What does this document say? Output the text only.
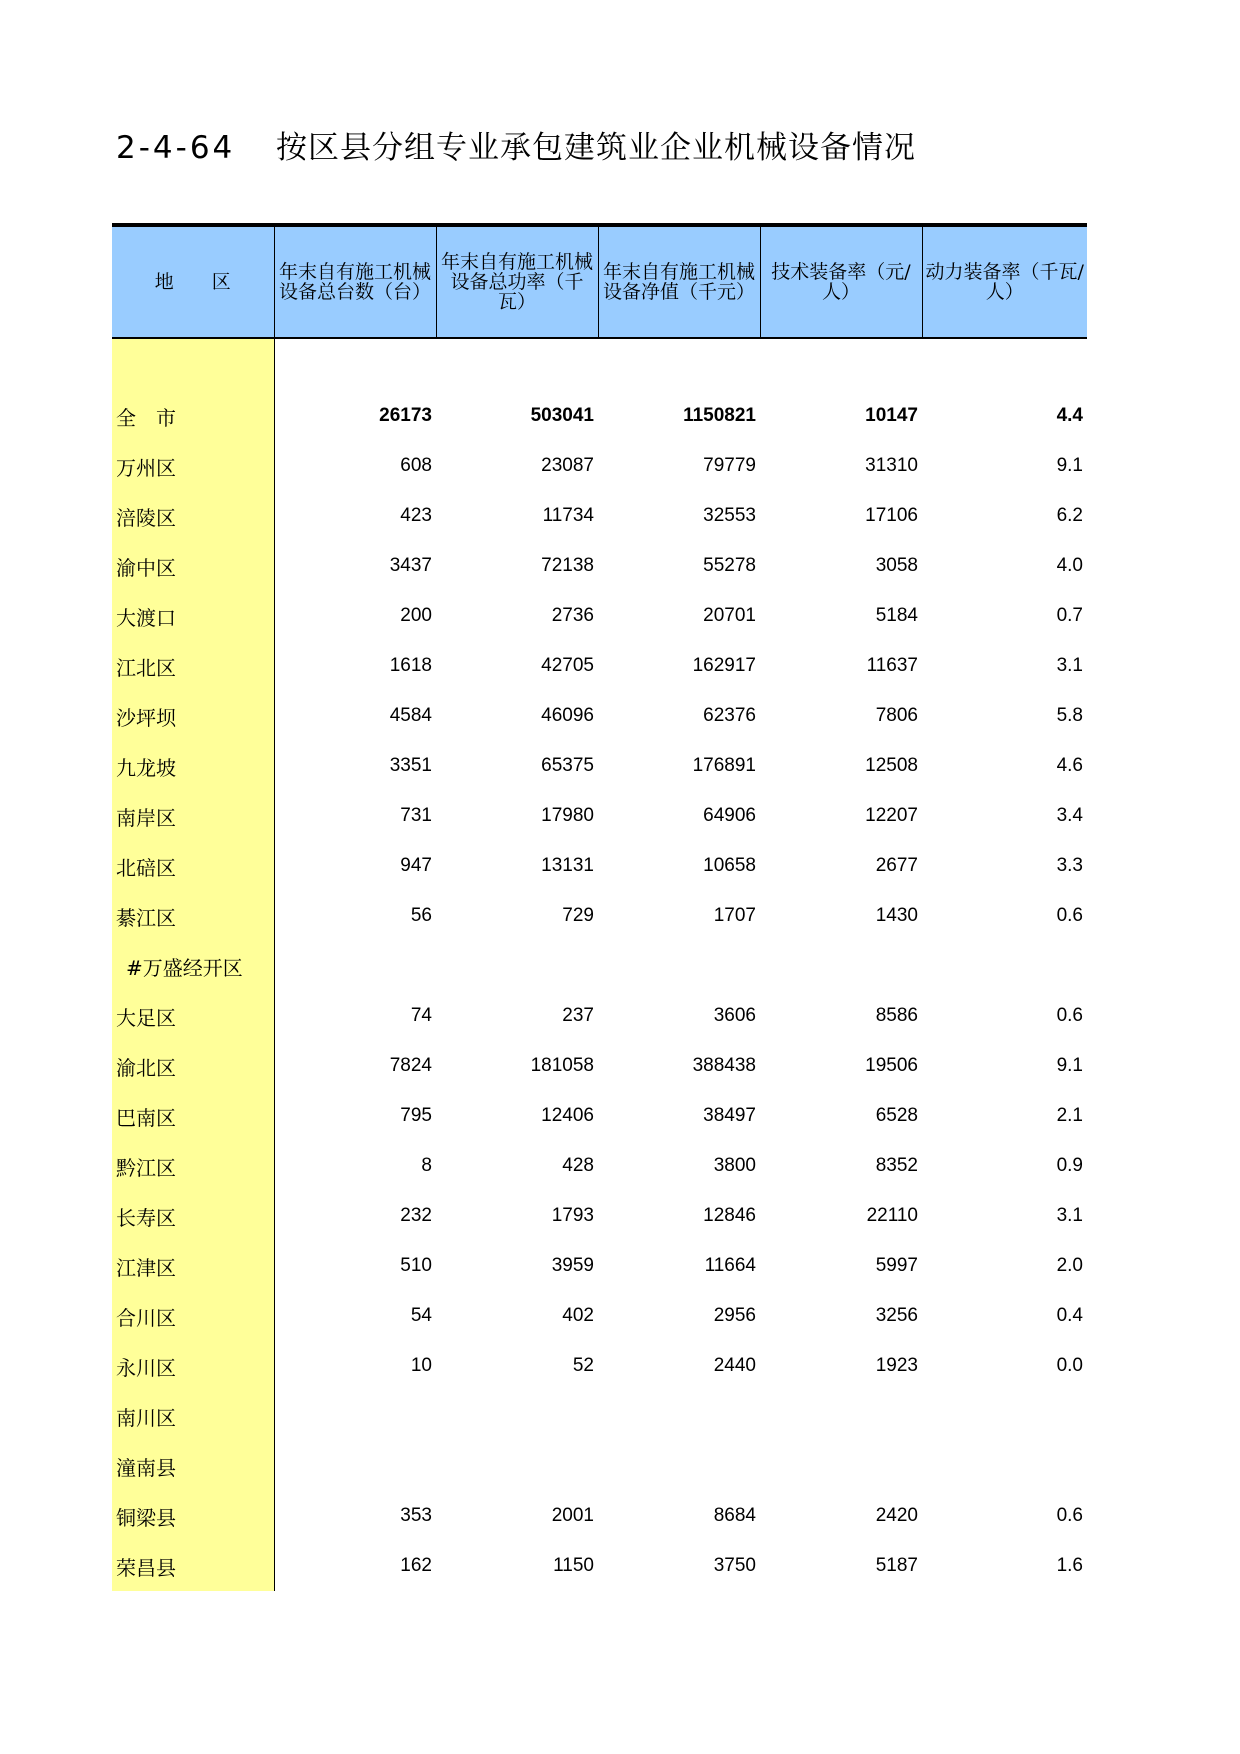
2-4-64 按区县分组专业承包建筑业企业机械设备情况
地　　区	年末自有施工机械设备总台数（台）	年末自有施工机械设备总功率（千瓦）	年末自有施工机械设备净值（千元）	技术装备率（元/人）	动力装备率（千瓦/人）

全　市	26173	503041	1150821	10147	4.4
万州区	608	23087	79779	31310	9.1
涪陵区	423	11734	32553	17106	6.2
渝中区	3437	72138	55278	3058	4.0
大渡口	200	2736	20701	5184	0.7
江北区	1618	42705	162917	11637	3.1
沙坪坝	4584	46096	62376	7806	5.8
九龙坡	3351	65375	176891	12508	4.6
南岸区	731	17980	64906	12207	3.4
北碚区	947	13131	10658	2677	3.3
綦江区	56	729	1707	1430	0.6
#万盛经开区					
大足区	74	237	3606	8586	0.6
渝北区	7824	181058	388438	19506	9.1
巴南区	795	12406	38497	6528	2.1
黔江区	8	428	3800	8352	0.9
长寿区	232	1793	12846	22110	3.1
江津区	510	3959	11664	5997	2.0
合川区	54	402	2956	3256	0.4
永川区	10	52	2440	1923	0.0
南川区					
潼南县					
铜梁县	353	2001	8684	2420	0.6
荣昌县	162	1150	3750	5187	1.6
